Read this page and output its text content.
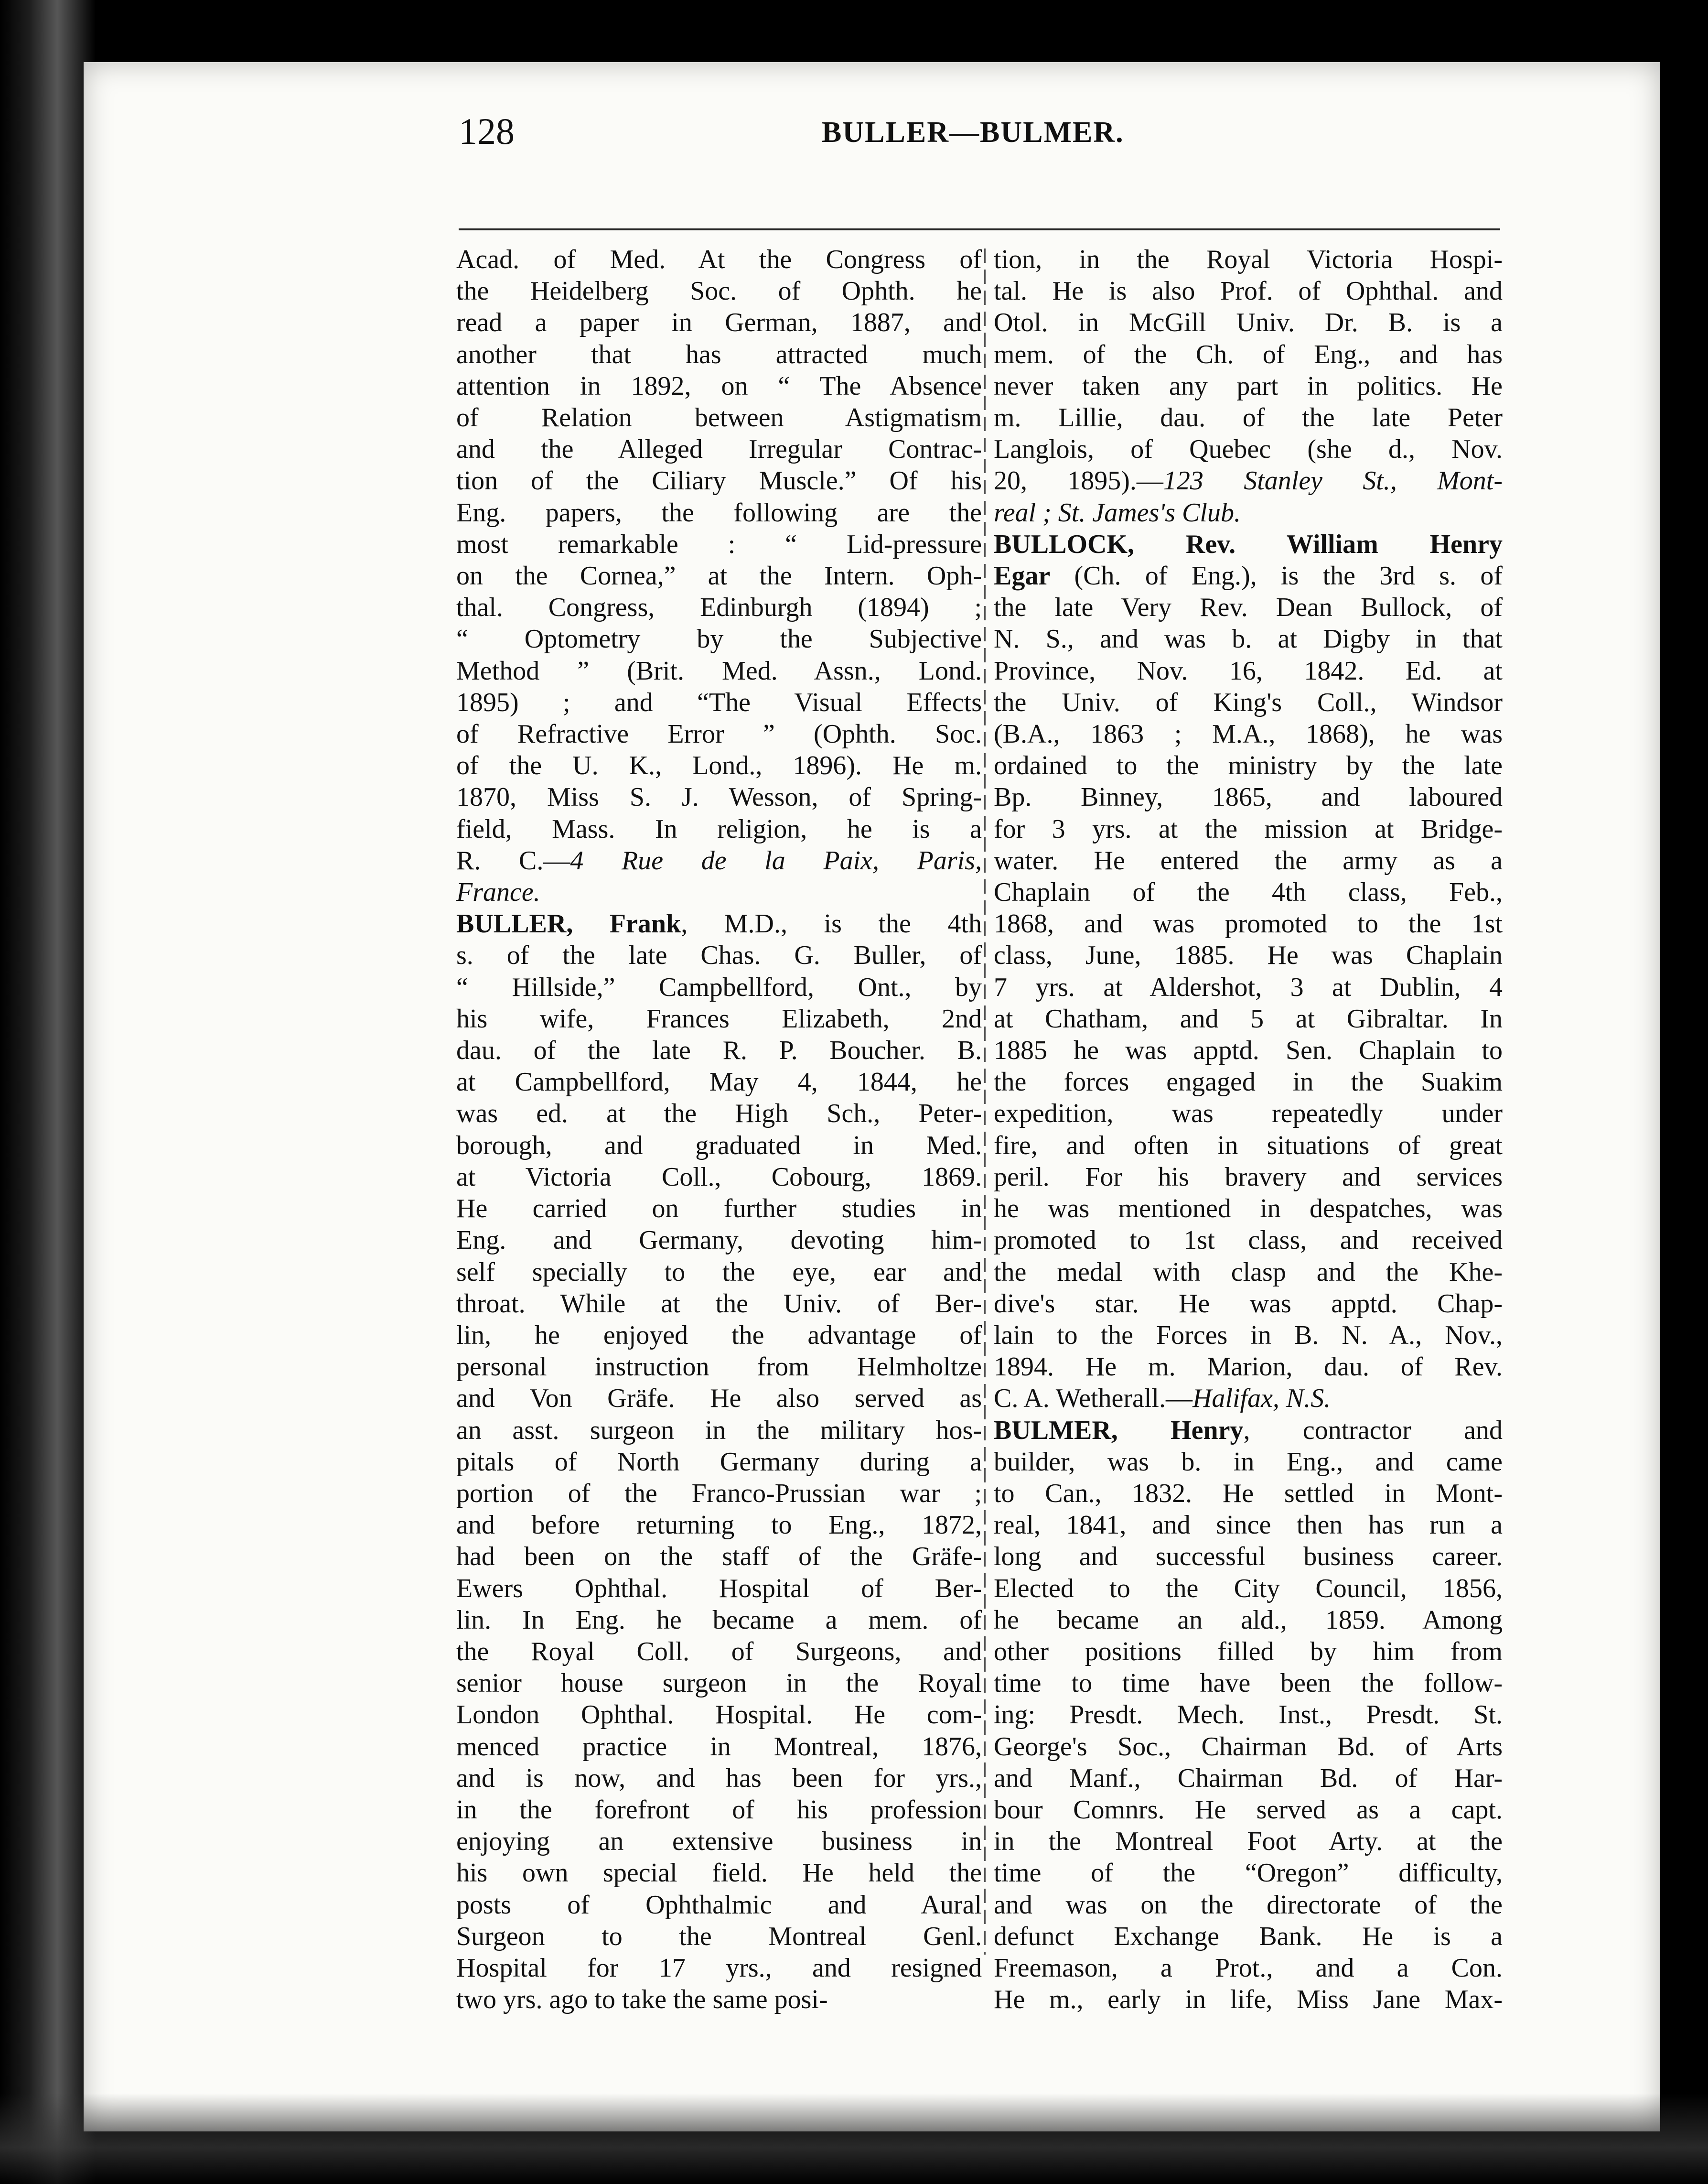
128	BULLER—BULMER.
Acad. of Med. At the Congress of
the Heidelberg Soc. of Ophth. he
read a paper in German, 1887, and
another that has attracted much
attention in 1892, on “ The Absence
of Relation between Astigmatism
and the Alleged Irregular Contrac-
tion of the Ciliary Muscle.” Of his
Eng. papers, the following are the
most remarkable : “ Lid-pressure
on the Cornea,” at the Intern. Oph-
thal. Congress, Edinburgh (1894) ;
“ Optometry by the Subjective
Method ” (Brit. Med. Assn., Lond.
1895) ; and “The Visual Effects
of Refractive Error ” (Ophth. Soc.
of the U. K., Lond., 1896). He m.
1870, Miss S. J. Wesson, of Spring-
field, Mass. In religion, he is a
R. C.—4 Rue de la Paix, Paris,
France.
BULLER, Frank, M.D., is the 4th
s. of the late Chas. G. Buller, of
“ Hillside,” Campbellford, Ont., by
his wife, Frances Elizabeth, 2nd
dau. of the late R. P. Boucher. B.
at Campbellford, May 4, 1844, he
was ed. at the High Sch., Peter-
borough, and graduated in Med.
at Victoria Coll., Cobourg, 1869.
He carried on further studies in
Eng. and Germany, devoting him-
self specially to the eye, ear and
throat. While at the Univ. of Ber-
lin, he enjoyed the advantage of
personal instruction from Helmholtze
and Von Gräfe. He also served as
an asst. surgeon in the military hos-
pitals of North Germany during a
portion of the Franco-Prussian war ;
and before returning to Eng., 1872,
had been on the staff of the Gräfe-
Ewers Ophthal. Hospital of Ber-
lin. In Eng. he became a mem. of
the Royal Coll. of Surgeons, and
senior house surgeon in the Royal
London Ophthal. Hospital. He com-
menced practice in Montreal, 1876,
and is now, and has been for yrs.,
in the forefront of his profession
enjoying an extensive business in
his own special field. He held the
posts of Ophthalmic and Aural
Surgeon to the Montreal Genl.
Hospital for 17 yrs., and resigned
two yrs. ago to take the same posi-
tion, in the Royal Victoria Hospi-
tal. He is also Prof. of Ophthal. and
Otol. in McGill Univ. Dr. B. is a
mem. of the Ch. of Eng., and has
never taken any part in politics. He
m. Lillie, dau. of the late Peter
Langlois, of Quebec (she d., Nov.
20, 1895).—123 Stanley St., Mont-
real ; St. James's Club.
BULLOCK, Rev. William Henry
Egar (Ch. of Eng.), is the 3rd s. of
the late Very Rev. Dean Bullock, of
N. S., and was b. at Digby in that
Province, Nov. 16, 1842. Ed. at
the Univ. of King's Coll., Windsor
(B.A., 1863 ; M.A., 1868), he was
ordained to the ministry by the late
Bp. Binney, 1865, and laboured
for 3 yrs. at the mission at Bridge-
water. He entered the army as a
Chaplain of the 4th class, Feb.,
1868, and was promoted to the 1st
class, June, 1885. He was Chaplain
7 yrs. at Aldershot, 3 at Dublin, 4
at Chatham, and 5 at Gibraltar. In
1885 he was apptd. Sen. Chaplain to
the forces engaged in the Suakim
expedition, was repeatedly under
fire, and often in situations of great
peril. For his bravery and services
he was mentioned in despatches, was
promoted to 1st class, and received
the medal with clasp and the Khe-
dive's star. He was apptd. Chap-
lain to the Forces in B. N. A., Nov.,
1894. He m. Marion, dau. of Rev.
C. A. Wetherall.—Halifax, N.S.
BULMER, Henry, contractor and
builder, was b. in Eng., and came
to Can., 1832. He settled in Mont-
real, 1841, and since then has run a
long and successful business career.
Elected to the City Council, 1856,
he became an ald., 1859. Among
other positions filled by him from
time to time have been the follow-
ing: Presdt. Mech. Inst., Presdt. St.
George's Soc., Chairman Bd. of Arts
and Manf., Chairman Bd. of Har-
bour Comnrs. He served as a capt.
in the Montreal Foot Arty. at the
time of the “Oregon” difficulty,
and was on the directorate of the
defunct Exchange Bank. He is a
Freemason, a Prot., and a Con.
He m., early in life, Miss Jane Max-
